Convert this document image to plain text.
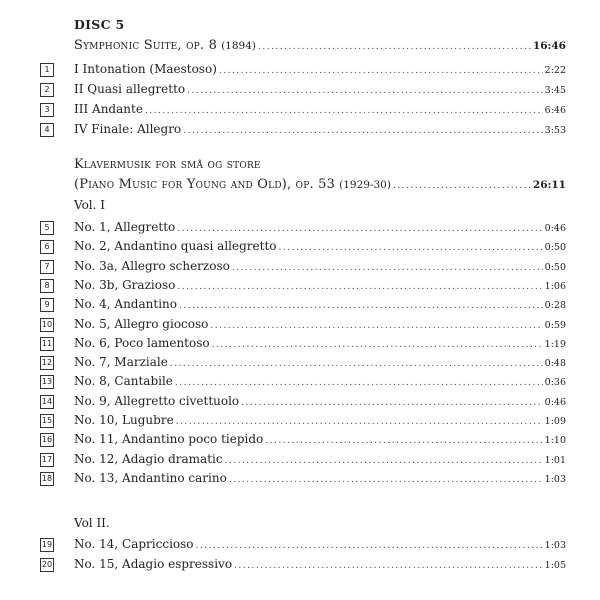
DISC 5
Symphonic Suite, op. 8 (1894) .....	16:46
1	I Intonation (Maestoso) .....	2:22
2	II Quasi allegretto .....	3:45
3	III Andante .....	6:46
4	IV Finale: Allegro .....	3:53
Klavermusik for små og store
(Piano Music for Young and Old), op. 53 (1929-30) .....	26:11
Vol. I
5	No. 1, Allegretto .....	0:46
6	No. 2, Andantino quasi allegretto .....	0:50
7	No. 3a, Allegro scherzoso .....	0:50
8	No. 3b, Grazioso .....	1:06
9	No. 4, Andantino .....	0:28
10 No. 5, Allegro giocoso .....	0:59
11 No. 6, Poco lamentoso .....	1:19
12 No. 7, Marziale .....	0:48
13 No. 8, Cantabile .....	0:36
14 No. 9, Allegretto civettuolo .....	0:46
15 No. 10, Lugubre .....	1:09
16 No. 11, Andantino poco tiepido .....	1:10
17 No. 12, Adagio dramatic .....	1:01
18 No. 13, Andantino carino .....	1:03
Vol II.
19 No. 14, Capriccioso .....	1:03
20 No. 15, Adagio espressivo .....	1:05
